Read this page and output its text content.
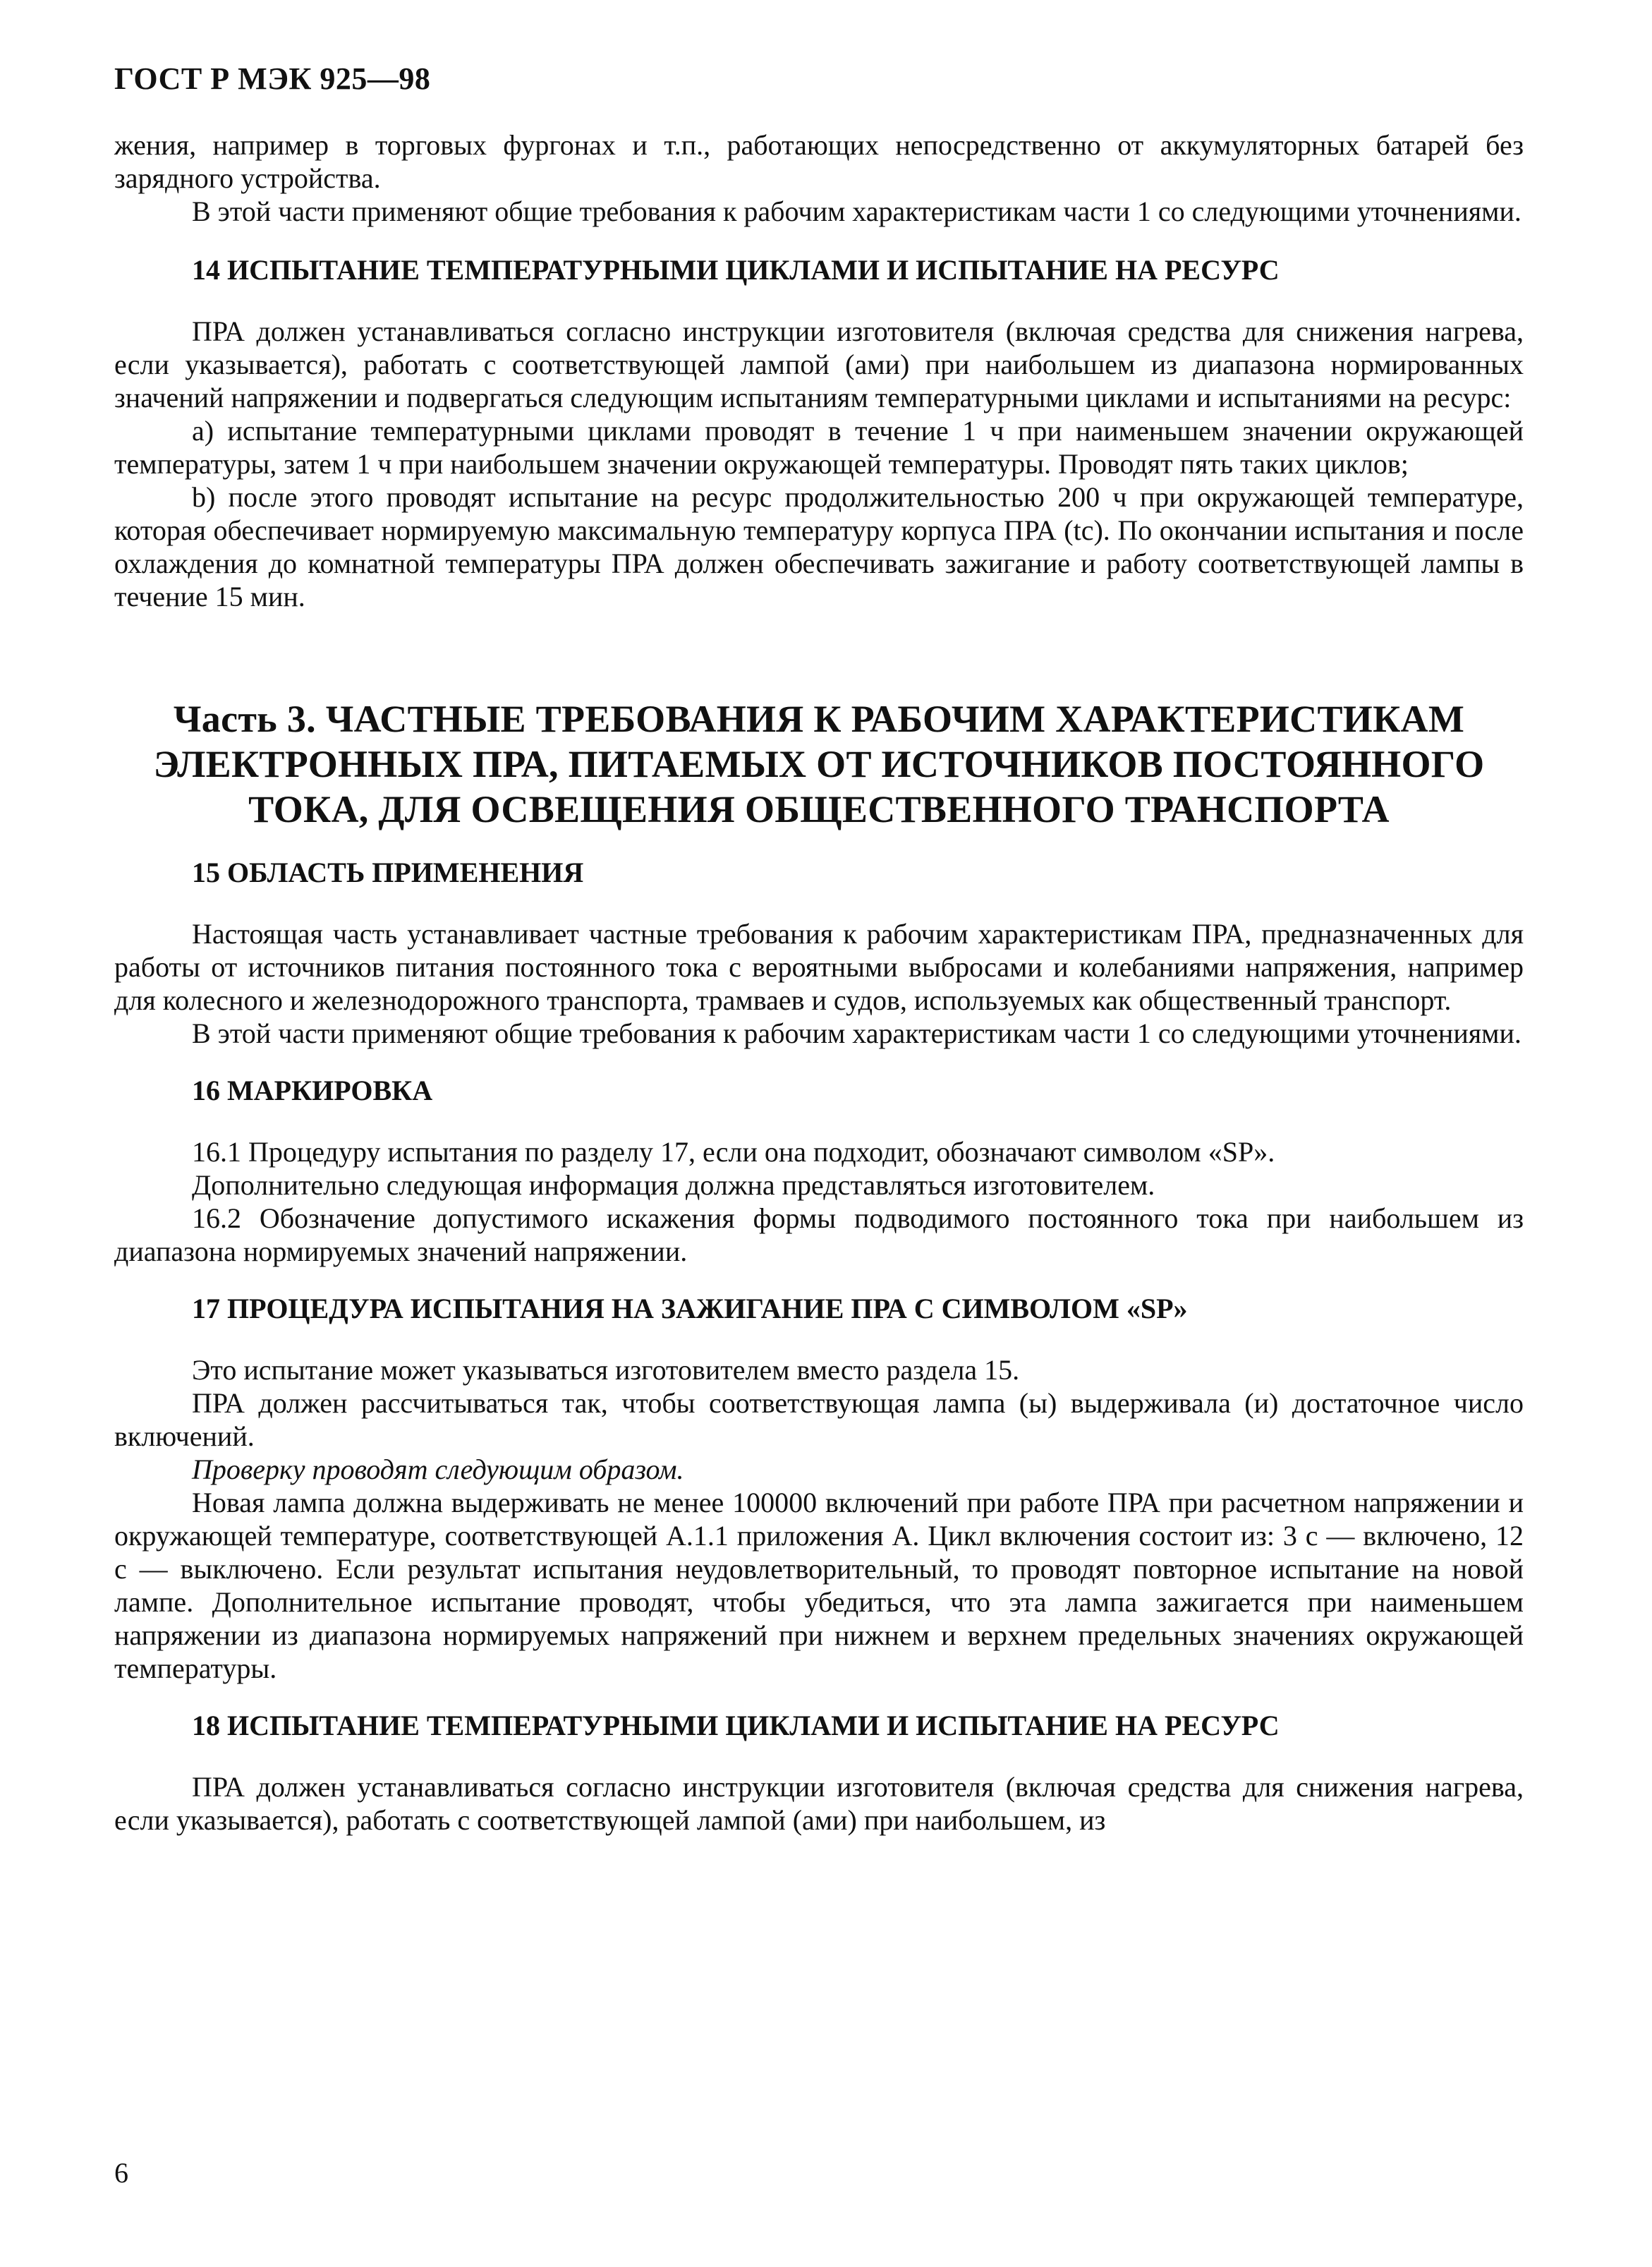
ГОСТ Р МЭК 925—98

жения, например в торговых фургонах и т.п., работающих непосредственно от аккумуляторных батарей без зарядного устройства.

В этой части применяют общие требования к рабочим характеристикам части 1 со следующими уточнениями.

14 ИСПЫТАНИЕ ТЕМПЕРАТУРНЫМИ ЦИКЛАМИ И ИСПЫТАНИЕ НА РЕСУРС

ПРА должен устанавливаться согласно инструкции изготовителя (включая средства для снижения нагрева, если указывается), работать с соответствующей лампой (ами) при наибольшем из диапазона нормированных значений напряжении и подвергаться следующим испытаниям температурными циклами и испытаниями на ресурс:

a) испытание температурными циклами проводят в течение 1 ч при наименьшем значении окружающей температуры, затем 1 ч при наибольшем значении окружающей температуры. Проводят пять таких циклов;

b) после этого проводят испытание на ресурс продолжительностью 200 ч при окружающей температуре, которая обеспечивает нормируемую максимальную температуру корпуса ПРА (tc). По окончании испытания и после охлаждения до комнатной температуры ПРА должен обеспечивать зажигание и работу соответствующей лампы в течение 15 мин.

Часть 3. ЧАСТНЫЕ ТРЕБОВАНИЯ К РАБОЧИМ ХАРАКТЕРИСТИКАМ
ЭЛЕКТРОННЫХ ПРА, ПИТАЕМЫХ ОТ ИСТОЧНИКОВ ПОСТОЯННОГО
ТОКА, ДЛЯ ОСВЕЩЕНИЯ ОБЩЕСТВЕННОГО ТРАНСПОРТА
15 ОБЛАСТЬ ПРИМЕНЕНИЯ

Настоящая часть устанавливает частные требования к рабочим характеристикам ПРА, предназначенных для работы от источников питания постоянного тока с вероятными выбросами и колебаниями напряжения, например для колесного и железнодорожного транспорта, трамваев и судов, используемых как общественный транспорт.

В этой части применяют общие требования к рабочим характеристикам части 1 со следующими уточнениями.

16 МАРКИРОВКА

16.1 Процедуру испытания по разделу 17, если она подходит, обозначают символом «SP».

Дополнительно следующая информация должна представляться изготовителем.

16.2 Обозначение допустимого искажения формы подводимого постоянного тока при наибольшем из диапазона нормируемых значений напряжении.

17 ПРОЦЕДУРА ИСПЫТАНИЯ НА ЗАЖИГАНИЕ ПРА С СИМВОЛОМ «SP»

Это испытание может указываться изготовителем вместо раздела 15.

ПРА должен рассчитываться так, чтобы соответствующая лампа (ы) выдерживала (и) достаточное число включений.

Проверку проводят следующим образом.

Новая лампа должна выдерживать не менее 100000 включений при работе ПРА при расчетном напряжении и окружающей температуре, соответствующей А.1.1 приложения А. Цикл включения состоит из: 3 с — включено, 12 с — выключено. Если результат испытания неудовлетворительный, то проводят повторное испытание на новой лампе. Дополнительное испытание проводят, чтобы убедиться, что эта лампа зажигается при наименьшем напряжении из диапазона нормируемых напряжений при нижнем и верхнем предельных значениях окружающей температуры.

18 ИСПЫТАНИЕ ТЕМПЕРАТУРНЫМИ ЦИКЛАМИ И ИСПЫТАНИЕ НА РЕСУРС

ПРА должен устанавливаться согласно инструкции изготовителя (включая средства для снижения нагрева, если указывается), работать с соответствующей лампой (ами) при наибольшем, из

6
